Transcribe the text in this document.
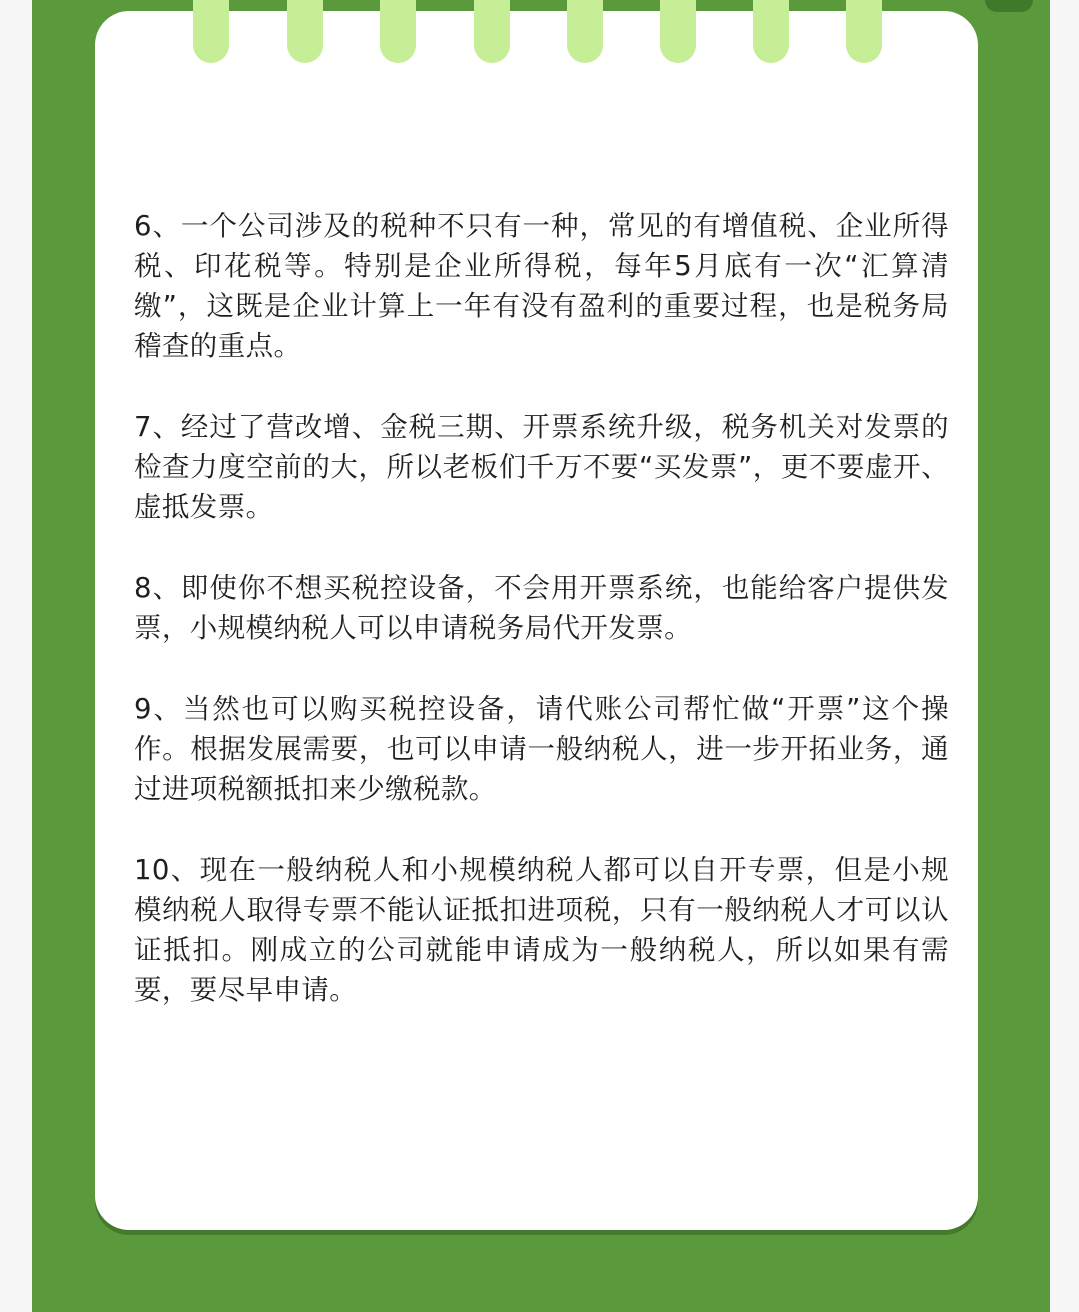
6、一个公司涉及的税种不只有一种，常见的有增值税、企业所得税、印花税等。特别是企业所得税，每年5月底有一次“汇算清缴”，这既是企业计算上一年有没有盈利的重要过程，也是税务局稽查的重点。

7、经过了营改增、金税三期、开票系统升级，税务机关对发票的检查力度空前的大，所以老板们千万不要“买发票”，更不要虚开、虚抵发票。

8、即使你不想买税控设备，不会用开票系统，也能给客户提供发票，小规模纳税人可以申请税务局代开发票。

9、当然也可以购买税控设备，请代账公司帮忙做“开票”这个操作。根据发展需要，也可以申请一般纳税人，进一步开拓业务，通过进项税额抵扣来少缴税款。

10、现在一般纳税人和小规模纳税人都可以自开专票，但是小规模纳税人取得专票不能认证抵扣进项税，只有一般纳税人才可以认证抵扣。刚成立的公司就能申请成为一般纳税人，所以如果有需要，要尽早申请。
